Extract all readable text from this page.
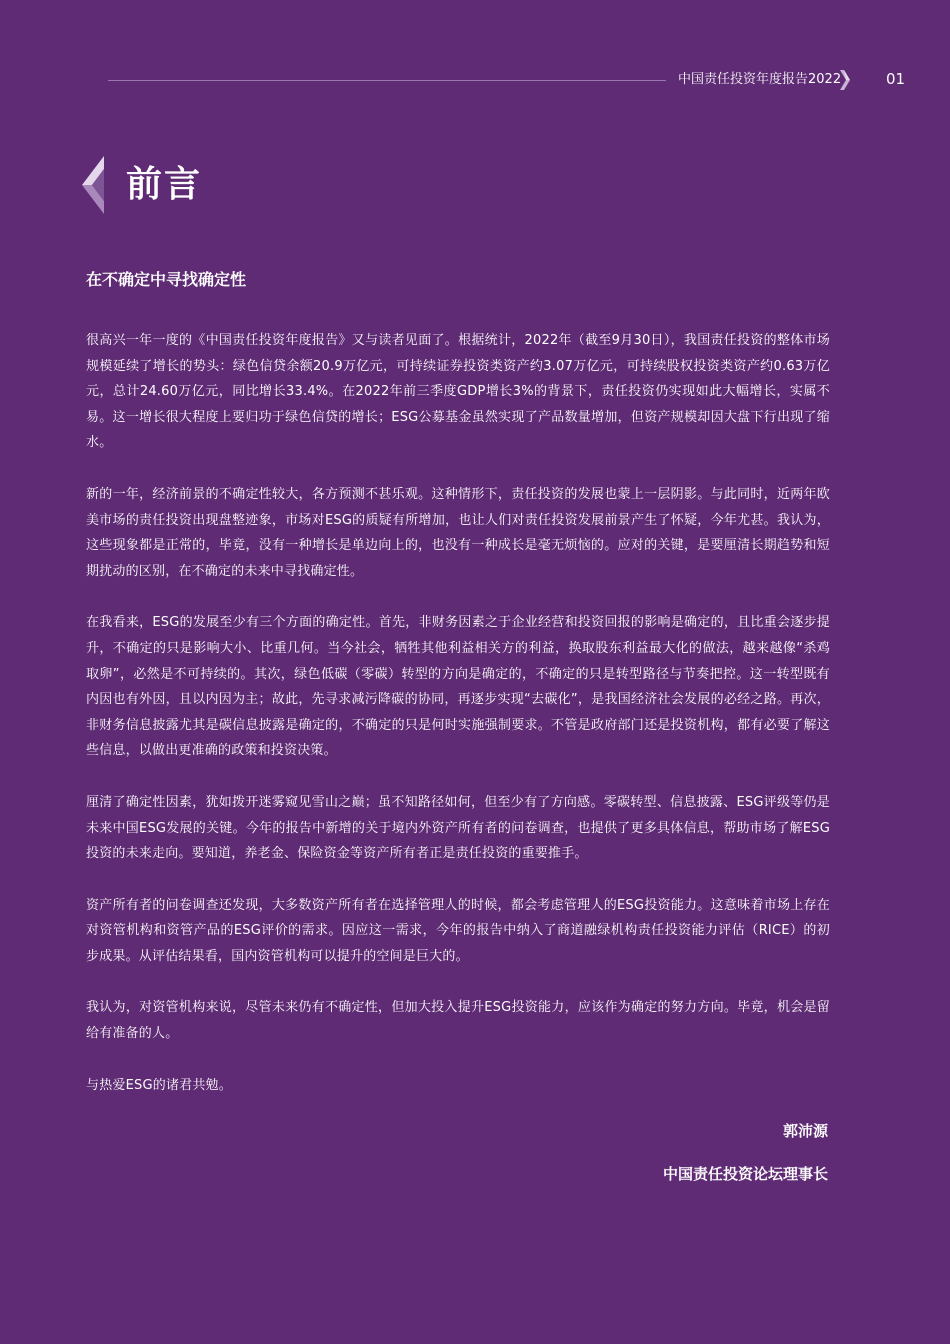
中国责任投资年度报告2022	01
前言
在不确定中寻找确定性

很高兴一年一度的《中国责任投资年度报告》又与读者见面了。根据统计，2022年（截至9月30日），我国责任投资的整体市场规模延续了增长的势头：绿色信贷余额20.9万亿元，可持续证券投资类资产约3.07万亿元，可持续股权投资类资产约0.63万亿元，总计24.60万亿元，同比增长33.4%。在2022年前三季度GDP增长3%的背景下，责任投资仍实现如此大幅增长，实属不易。这一增长很大程度上要归功于绿色信贷的增长；ESG公募基金虽然实现了产品数量增加，但资产规模却因大盘下行出现了缩水。

新的一年，经济前景的不确定性较大，各方预测不甚乐观。这种情形下，责任投资的发展也蒙上一层阴影。与此同时，近两年欧美市场的责任投资出现盘整迹象，市场对ESG的质疑有所增加，也让人们对责任投资发展前景产生了怀疑，今年尤甚。我认为，这些现象都是正常的，毕竟，没有一种增长是单边向上的，也没有一种成长是毫无烦恼的。应对的关键，是要厘清长期趋势和短期扰动的区别，在不确定的未来中寻找确定性。

在我看来，ESG的发展至少有三个方面的确定性。首先，非财务因素之于企业经营和投资回报的影响是确定的，且比重会逐步提升，不确定的只是影响大小、比重几何。当今社会，牺牲其他利益相关方的利益，换取股东利益最大化的做法，越来越像“杀鸡取卵”，必然是不可持续的。其次，绿色低碳（零碳）转型的方向是确定的，不确定的只是转型路径与节奏把控。这一转型既有内因也有外因，且以内因为主；故此，先寻求减污降碳的协同，再逐步实现“去碳化”，是我国经济社会发展的必经之路。再次，非财务信息披露尤其是碳信息披露是确定的，不确定的只是何时实施强制要求。不管是政府部门还是投资机构，都有必要了解这些信息，以做出更准确的政策和投资决策。

厘清了确定性因素，犹如拨开迷雾窥见雪山之巅；虽不知路径如何，但至少有了方向感。零碳转型、信息披露、ESG评级等仍是未来中国ESG发展的关键。今年的报告中新增的关于境内外资产所有者的问卷调查，也提供了更多具体信息，帮助市场了解ESG投资的未来走向。要知道，养老金、保险资金等资产所有者正是责任投资的重要推手。

资产所有者的问卷调查还发现，大多数资产所有者在选择管理人的时候，都会考虑管理人的ESG投资能力。这意味着市场上存在对资管机构和资管产品的ESG评价的需求。因应这一需求，今年的报告中纳入了商道融绿机构责任投资能力评估（RICE）的初步成果。从评估结果看，国内资管机构可以提升的空间是巨大的。

我认为，对资管机构来说，尽管未来仍有不确定性，但加大投入提升ESG投资能力，应该作为确定的努力方向。毕竟，机会是留给有准备的人。

与热爱ESG的诸君共勉。

郭沛源
中国责任投资论坛理事长
